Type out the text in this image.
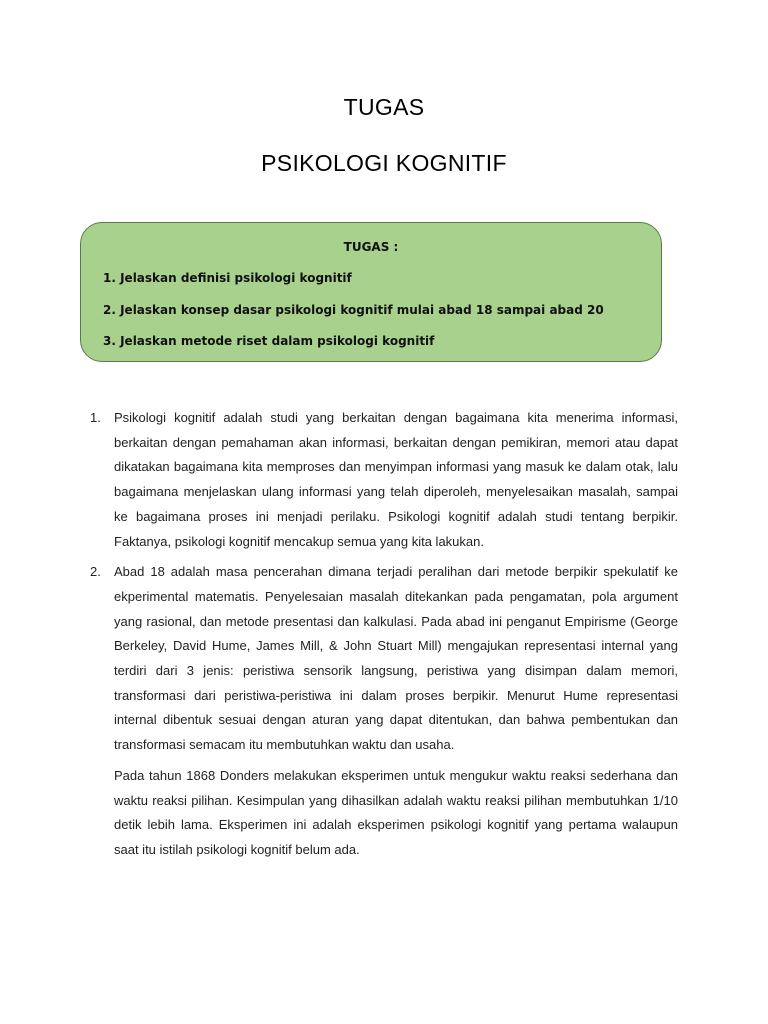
TUGAS
PSIKOLOGI KOGNITIF
TUGAS :
1. Jelaskan definisi psikologi kognitif
2. Jelaskan konsep dasar psikologi kognitif mulai abad 18 sampai abad 20
3. Jelaskan metode riset dalam psikologi kognitif
1. Psikologi kognitif adalah studi yang berkaitan dengan bagaimana kita menerima informasi, berkaitan dengan pemahaman akan informasi, berkaitan dengan pemikiran, memori atau dapat dikatakan bagaimana kita memproses dan menyimpan informasi yang masuk ke dalam otak, lalu bagaimana menjelaskan ulang informasi yang telah diperoleh, menyelesaikan masalah, sampai ke bagaimana proses ini menjadi perilaku. Psikologi kognitif adalah studi tentang berpikir. Faktanya, psikologi kognitif mencakup semua yang kita lakukan.

2. Abad 18 adalah masa pencerahan dimana terjadi peralihan dari metode berpikir spekulatif ke ekperimental matematis. Penyelesaian masalah ditekankan pada pengamatan, pola argument yang rasional, dan metode presentasi dan kalkulasi. Pada abad ini penganut Empirisme (George Berkeley, David Hume, James Mill, & John Stuart Mill) mengajukan representasi internal yang terdiri dari 3 jenis: peristiwa sensorik langsung, peristiwa yang disimpan dalam memori, transformasi dari peristiwa-peristiwa ini dalam proses berpikir. Menurut Hume representasi internal dibentuk sesuai dengan aturan yang dapat ditentukan, dan bahwa pembentukan dan transformasi semacam itu membutuhkan waktu dan usaha.

Pada tahun 1868 Donders melakukan eksperimen untuk mengukur waktu reaksi sederhana dan waktu reaksi pilihan. Kesimpulan yang dihasilkan adalah waktu reaksi pilihan membutuhkan 1/10 detik lebih lama. Eksperimen ini adalah eksperimen psikologi kognitif yang pertama walaupun saat itu istilah psikologi kognitif belum ada.
